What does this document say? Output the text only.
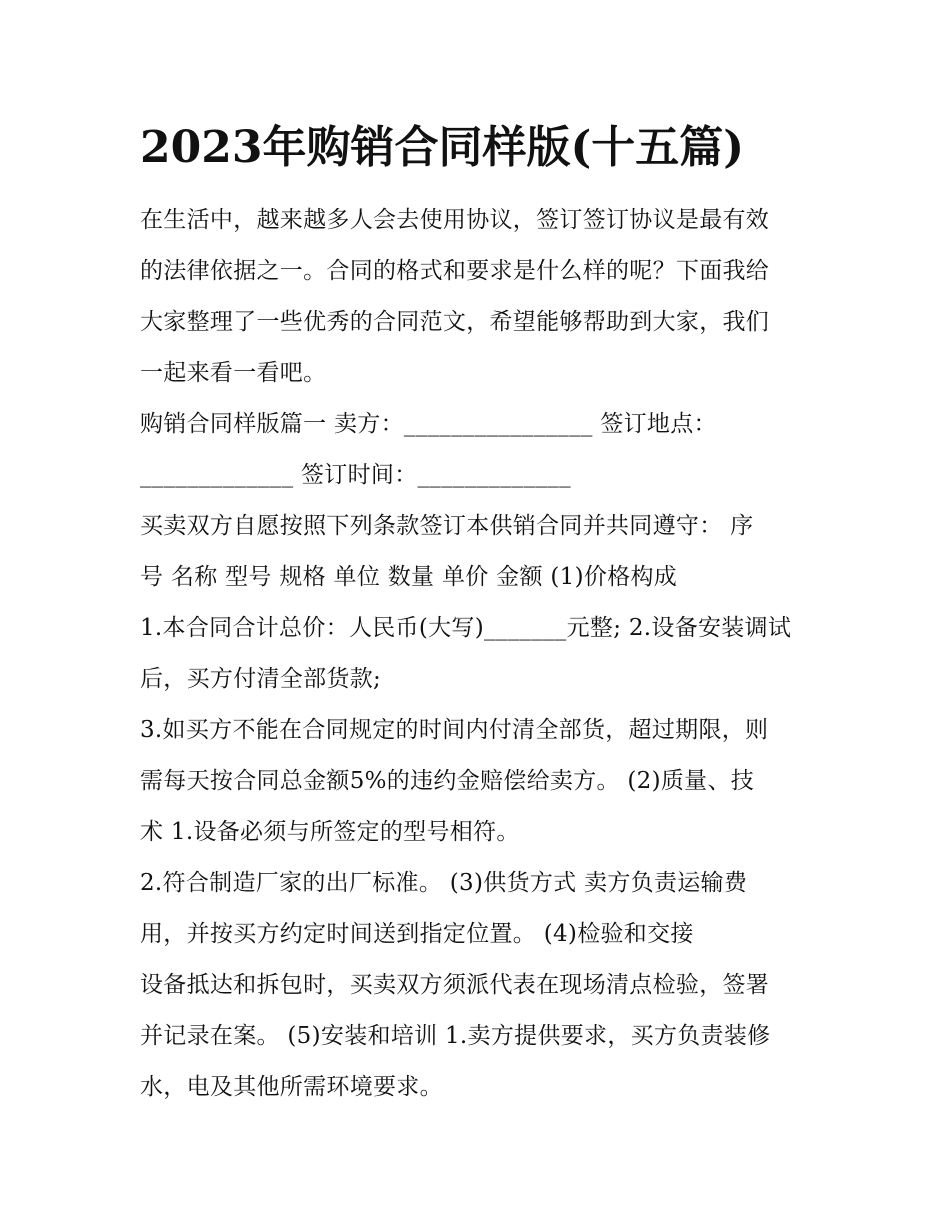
2023年购销合同样版(十五篇)
在生活中，越来越多人会去使用协议，签订签订协议是最有效
的法律依据之一。合同的格式和要求是什么样的呢？下面我给
大家整理了一些优秀的合同范文，希望能够帮助到大家，我们
一起来看一看吧。
购销合同样版篇一 卖方：________________ 签订地点：
_____________ 签订时间：_____________
买卖双方自愿按照下列条款签订本供销合同并共同遵守： 序
号 名称 型号 规格 单位 数量 单价 金额 (1)价格构成
1.本合同合计总价：人民币(大写)_______元整; 2.设备安装调试
后，买方付清全部货款;
3.如买方不能在合同规定的时间内付清全部货，超过期限，则
需每天按合同总金额5%的违约金赔偿给卖方。 (2)质量、技
术 1.设备必须与所签定的型号相符。
2.符合制造厂家的出厂标准。 (3)供货方式 卖方负责运输费
用，并按买方约定时间送到指定位置。 (4)检验和交接
设备抵达和拆包时，买卖双方须派代表在现场清点检验，签署
并记录在案。 (5)安装和培训 1.卖方提供要求，买方负责装修
水，电及其他所需环境要求。
